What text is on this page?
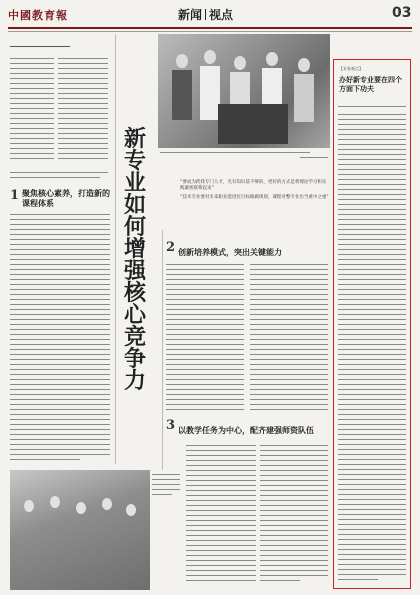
中國教育報	新闻 视点	03
1 聚焦核心素养，打造新的课程体系
新专业如何增强核心竞争力

“要成为跨我专门人才，光有知识基不够的，更好的方式是将理论学习和实践紧密联系起来”

“技术专业要对未来职业能进位目标做做规划，课程对整专业出当重中之重”

2 创新培养模式，突出关键能力
3 以教学任务为中心，配齐建强师资队伍
【专家观点】
办好新专业要在四个方面下功夫
